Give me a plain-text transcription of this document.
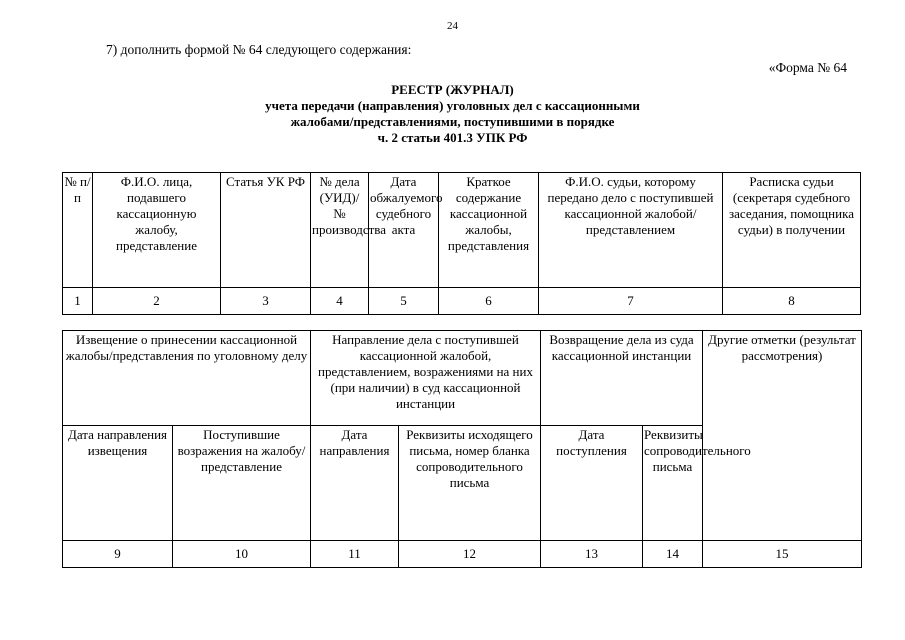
24
7) дополнить формой № 64 следующего содержания:
«Форма № 64
РЕЕСТР (ЖУРНАЛ)
учета передачи (направления) уголовных дел с кассационными
жалобами/представлениями, поступившими в порядке
ч. 2 статьи 401.3 УПК РФ
№ п/п	Ф.И.О. лица, подавшего кассационную жалобу, представление	Статья УК РФ	№ дела (УИД)/ № производства	Дата обжалуемого судебного акта	Краткое содержание кассационной жалобы, представления	Ф.И.О. судьи, которому передано дело с поступившей кассационной жалобой/представлением	Расписка судьи (секретаря судебного заседания, помощника судьи) в получении
1	2	3	4	5	6	7	8
Извещение о принесении кассационной жалобы/представления по уголовному делу		Направление дела с поступившей кассационной жалобой, представлением, возражениями на них (при наличии) в суд кассационной инстанции		Возвращение дела из суда кассационной инстанции		Другие отметки (результат рассмотрения)
Дата направления извещения	Поступившие возражения на жалобу/представление	Дата направления	Реквизиты исходящего письма, номер бланка сопроводительного письма	Дата поступления	Реквизиты сопроводительного письма	
9	10	11	12	13	14	15
